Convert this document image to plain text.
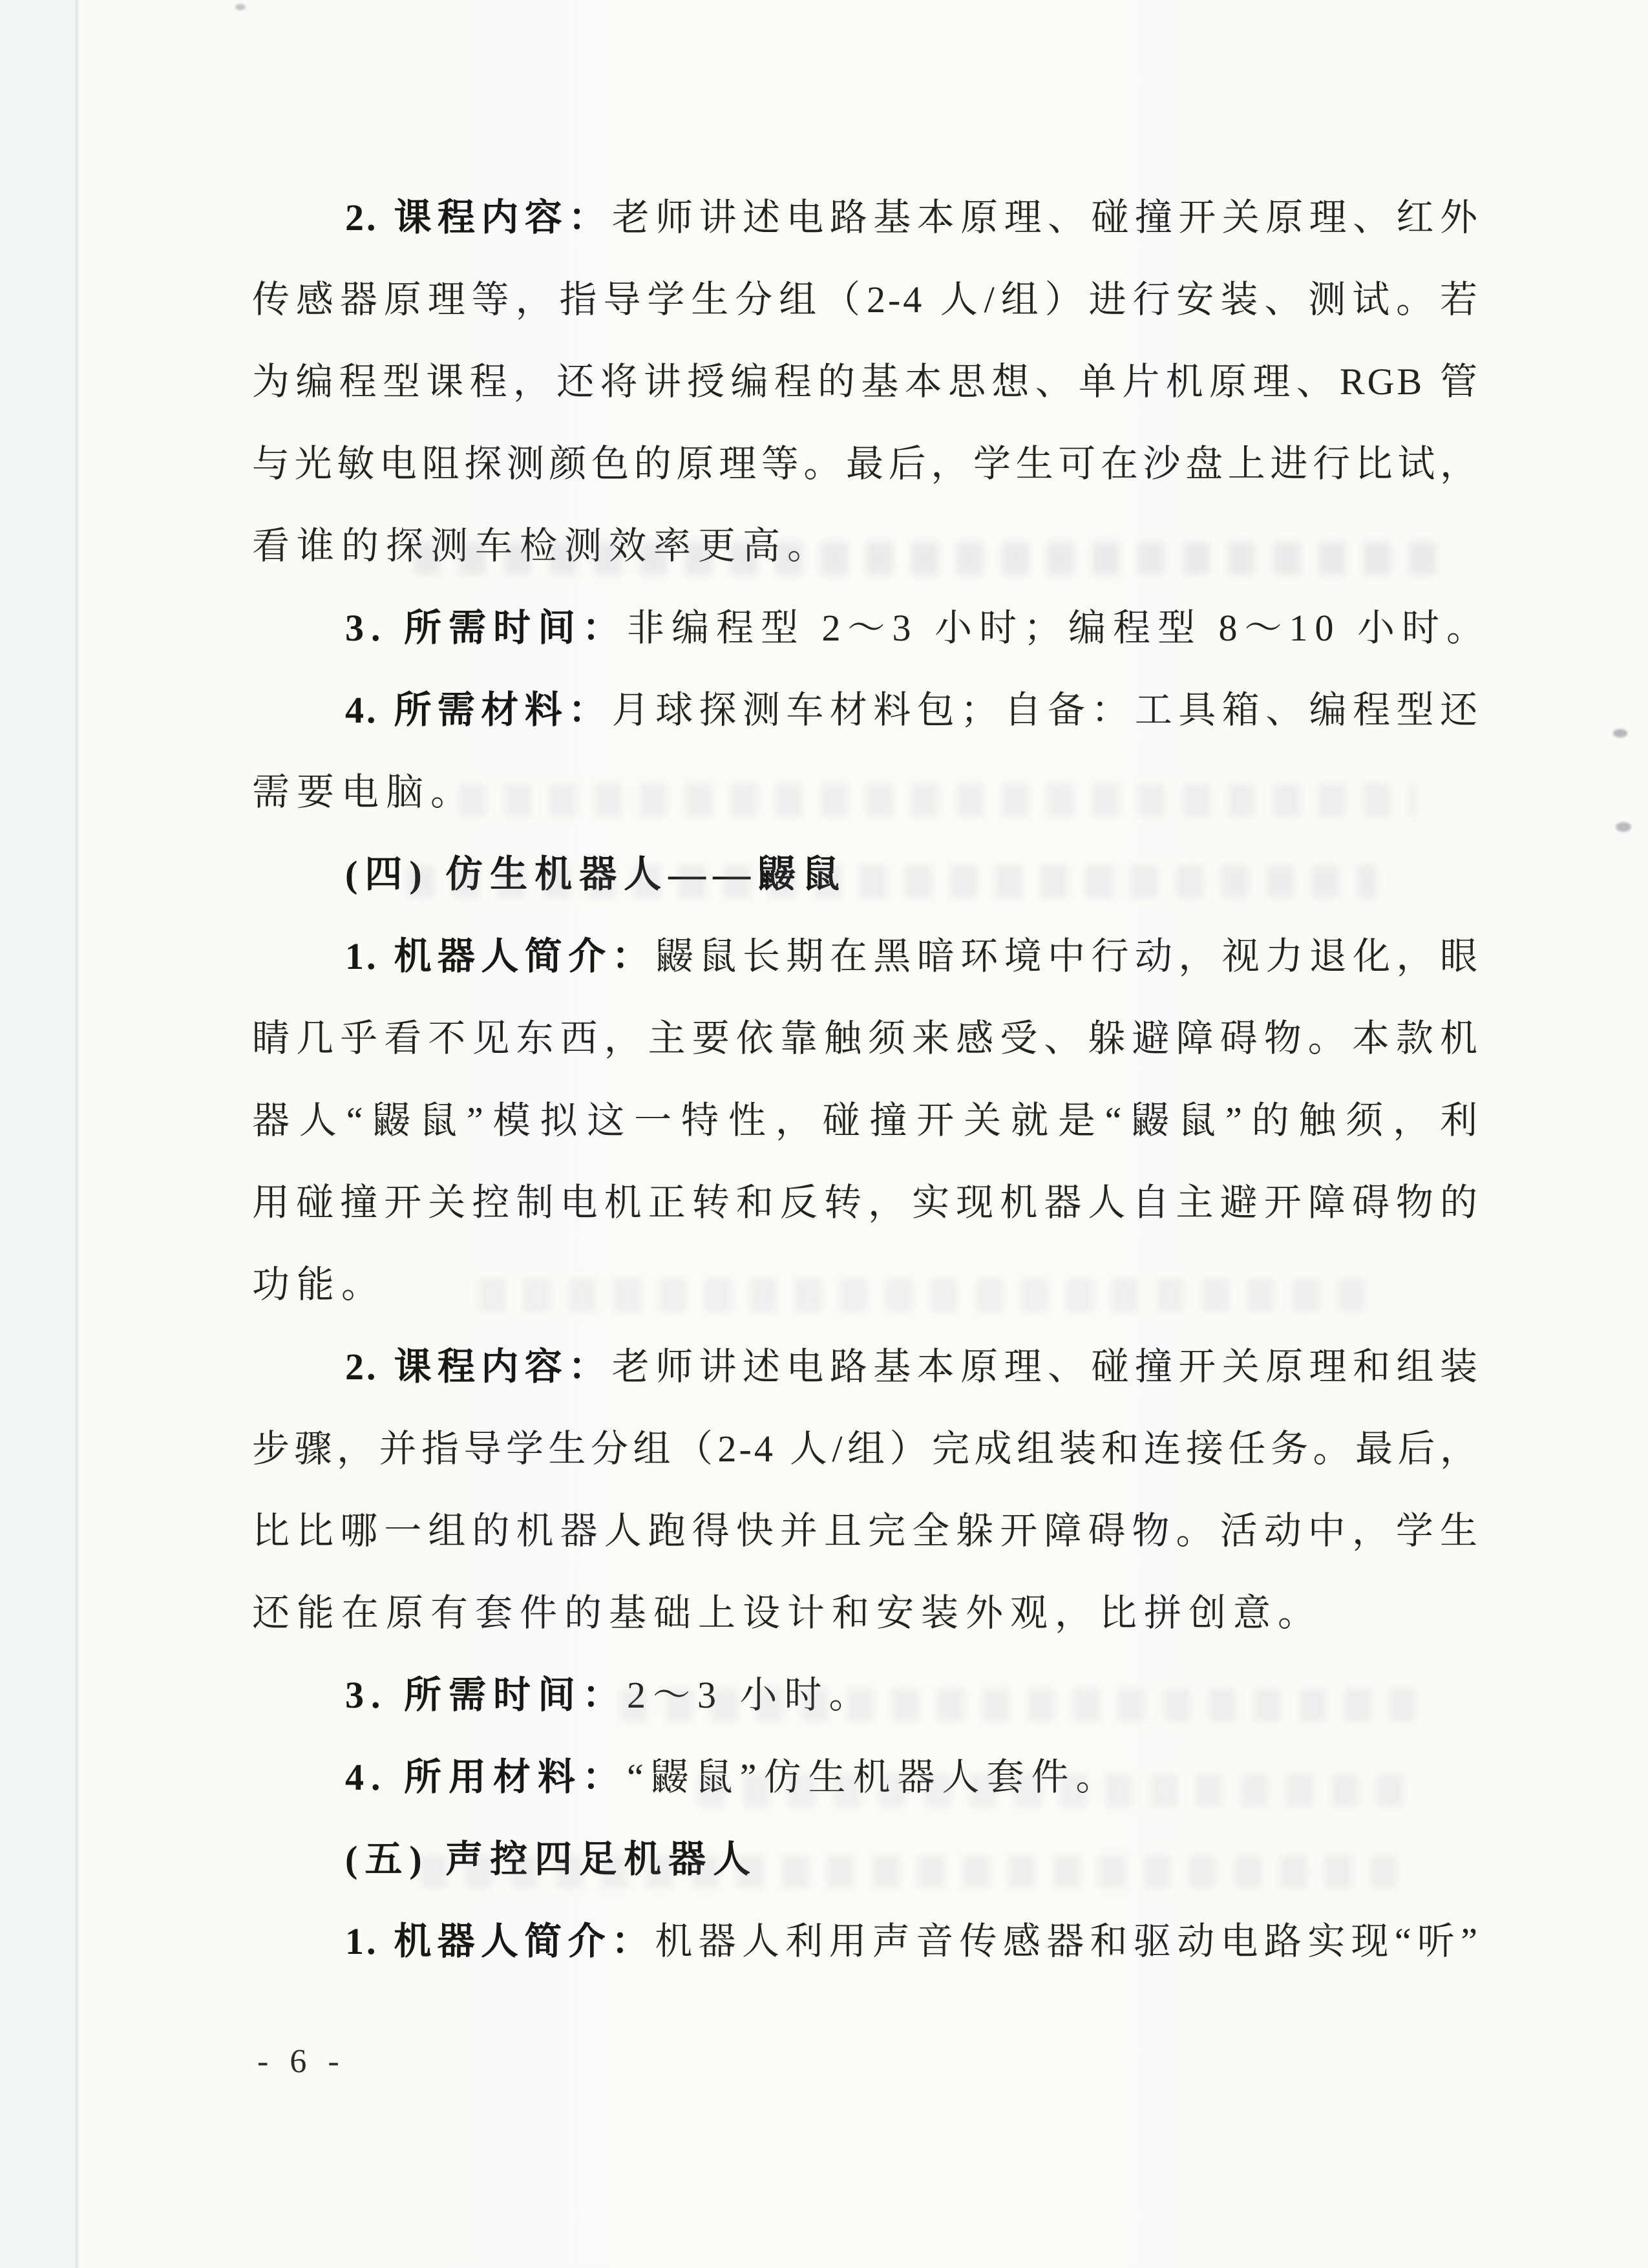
2. 课程内容：老师讲述电路基本原理、碰撞开关原理、红外
传感器原理等，指导学生分组（2-4 人/组）进行安装、测试。若
为编程型课程，还将讲授编程的基本思想、单片机原理、RGB 管
与光敏电阻探测颜色的原理等。最后，学生可在沙盘上进行比试，
看谁的探测车检测效率更高。
3. 所需时间：非编程型 2～3 小时；编程型 8～10 小时。
4. 所需材料：月球探测车材料包；自备：工具箱、编程型还
需要电脑。
(四) 仿生机器人——鼹鼠
1. 机器人简介：鼹鼠长期在黑暗环境中行动，视力退化，眼
睛几乎看不见东西，主要依靠触须来感受、躲避障碍物。本款机
器人“鼹鼠”模拟这一特性，碰撞开关就是“鼹鼠”的触须，利
用碰撞开关控制电机正转和反转，实现机器人自主避开障碍物的
功能。
2. 课程内容：老师讲述电路基本原理、碰撞开关原理和组装
步骤，并指导学生分组（2-4 人/组）完成组装和连接任务。最后，
比比哪一组的机器人跑得快并且完全躲开障碍物。活动中，学生
还能在原有套件的基础上设计和安装外观，比拼创意。
3. 所需时间：2～3 小时。
4. 所用材料：“鼹鼠”仿生机器人套件。
(五) 声控四足机器人
1. 机器人简介：机器人利用声音传感器和驱动电路实现“听”
- 6 -
